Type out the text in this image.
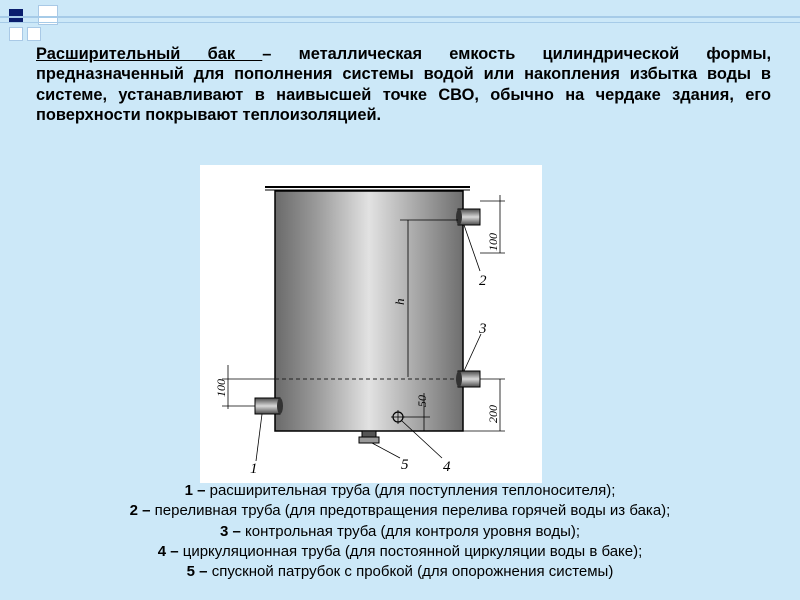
Расширительный бак – металлическая емкость цилиндрической формы, предназначенный для пополнения системы водой или накопления избытка воды в системе, устанавливают в наивысшей точке СВО, обычно на чердаке здания, его поверхности покрывают теплоизоляцией.

h
100
200
100
50
1
2
3
4
5
1 – расширительная труба (для поступления теплоносителя);
2 – переливная труба (для предотвращения перелива горячей воды из бака);
3 – контрольная труба (для контроля уровня воды);
4 – циркуляционная труба (для постоянной циркуляции воды в баке);
5 – спускной патрубок с пробкой (для опорожнения системы)
